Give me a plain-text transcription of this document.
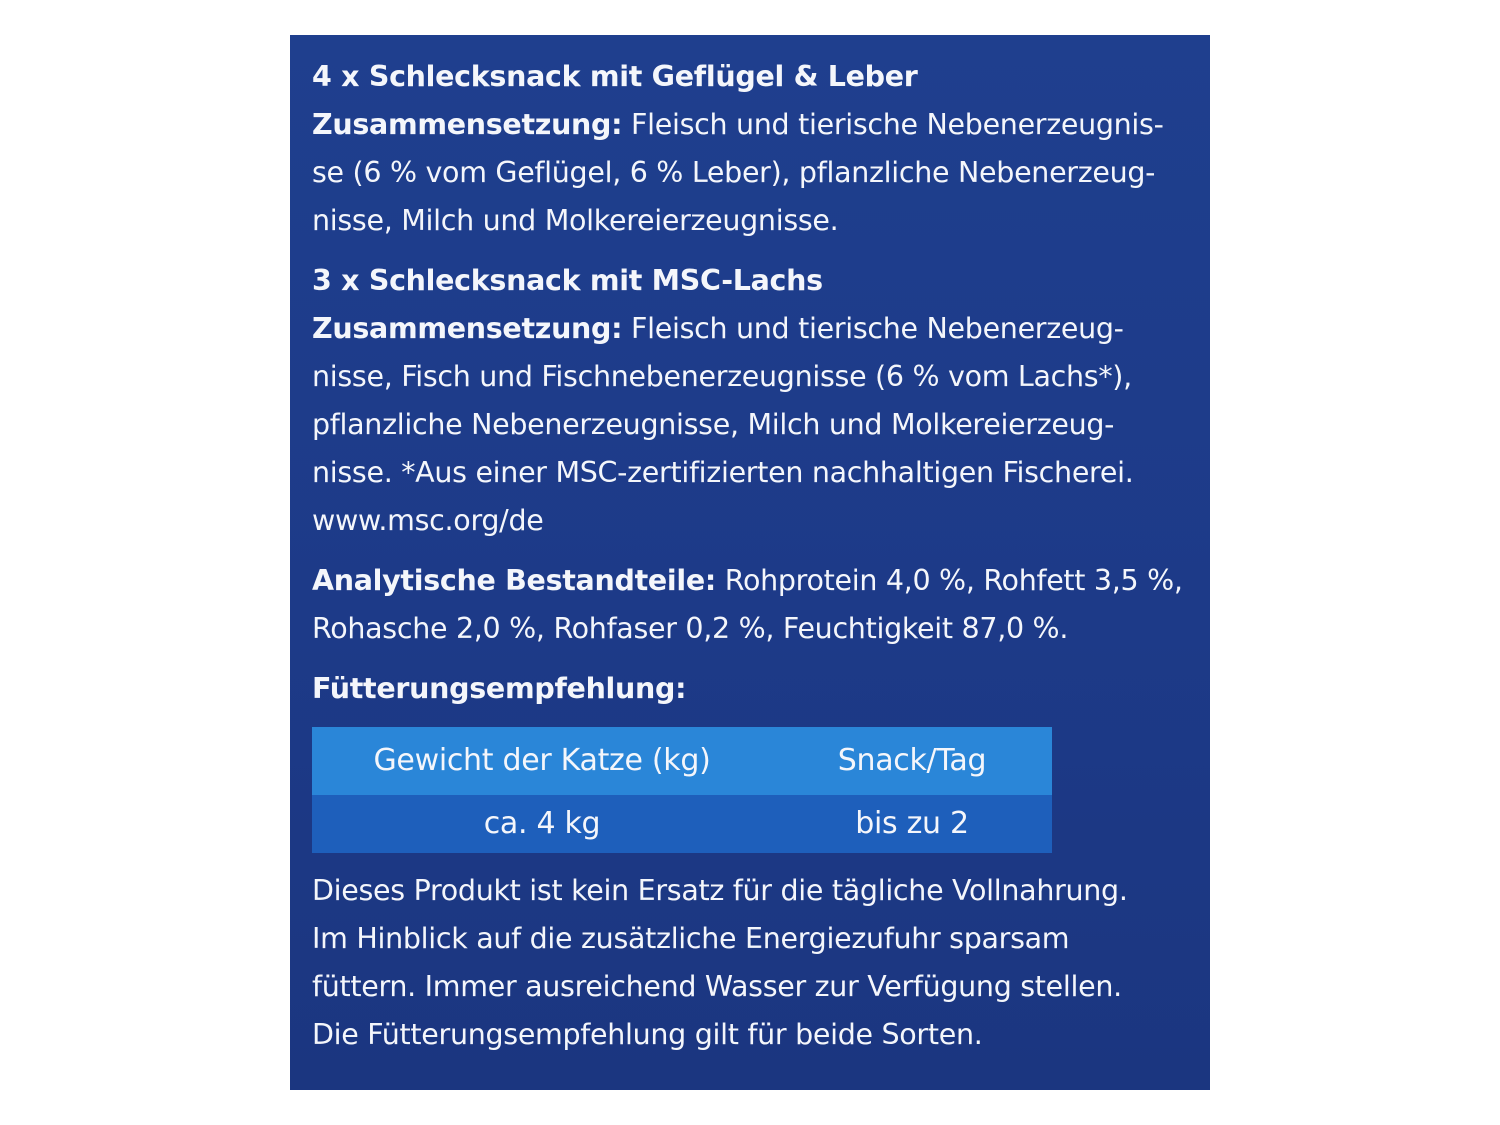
4 x Schlecksnack mit Geflügel & Leber
Zusammensetzung: Fleisch und tierische Nebenerzeugnis-
se (6 % vom Geflügel, 6 % Leber), pflanzliche Nebenerzeug-
nisse, Milch und Molkereierzeugnisse.
3 x Schlecksnack mit MSC-Lachs
Zusammensetzung: Fleisch und tierische Nebenerzeug-
nisse, Fisch und Fischnebenerzeugnisse (6 % vom Lachs*),
pflanzliche Nebenerzeugnisse, Milch und Molkereierzeug-
nisse. *Aus einer MSC-zertifizierten nachhaltigen Fischerei.
www.msc.org/de
Analytische Bestandteile: Rohprotein 4,0 %, Rohfett 3,5 %,
Rohasche 2,0 %, Rohfaser 0,2 %, Feuchtigkeit 87,0 %.
Fütterungsempfehlung:
Gewicht der Katze (kg)	Snack/Tag
ca. 4 kg	bis zu 2
Dieses Produkt ist kein Ersatz für die tägliche Vollnahrung.
Im Hinblick auf die zusätzliche Energiezufuhr sparsam
füttern. Immer ausreichend Wasser zur Verfügung stellen.
Die Fütterungsempfehlung gilt für beide Sorten.
